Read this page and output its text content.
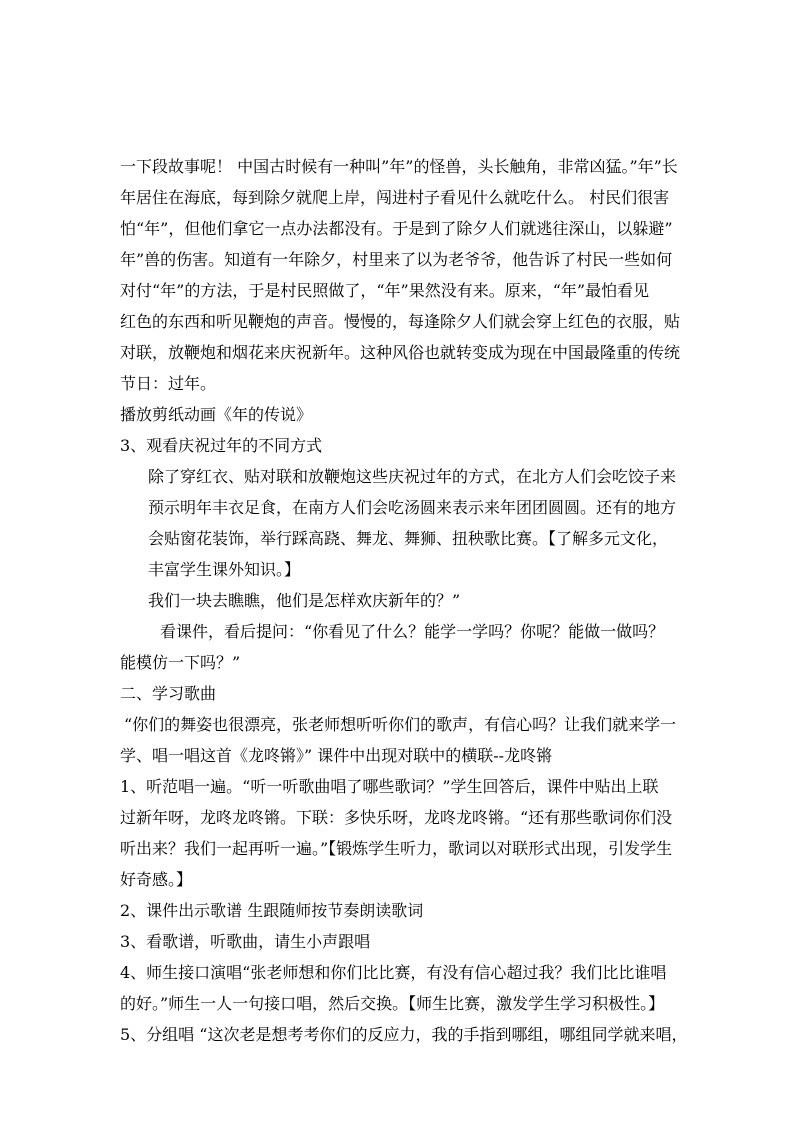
一下段故事呢！ 中国古时候有一种叫”年”的怪兽，头长触角，非常凶猛。”年”长
年居住在海底，每到除夕就爬上岸，闯进村子看见什么就吃什么。 村民们很害
怕“年”，但他们拿它一点办法都没有。于是到了除夕人们就逃往深山，以躲避”
年”兽的伤害。知道有一年除夕，村里来了以为老爷爷，他告诉了村民一些如何
对付“年”的方法，于是村民照做了，“年”果然没有来。原来，“年”最怕看见
红色的东西和听见鞭炮的声音。慢慢的，每逢除夕人们就会穿上红色的衣服，贴
对联，放鞭炮和烟花来庆祝新年。这种风俗也就转变成为现在中国最隆重的传统
节日：过年。
播放剪纸动画《年的传说》
3、观看庆祝过年的不同方式
除了穿红衣、贴对联和放鞭炮这些庆祝过年的方式，在北方人们会吃饺子来
预示明年丰衣足食，在南方人们会吃汤圆来表示来年团团圆圆。还有的地方
会贴窗花装饰，举行踩高跷、舞龙、舞狮、扭秧歌比赛。【了解多元文化，
丰富学生课外知识。】
我们一块去瞧瞧，他们是怎样欢庆新年的？”
看课件，看后提问：“你看见了什么？能学一学吗？你呢？能做一做吗？
能模仿一下吗？”
二、学习歌曲
“你们的舞姿也很漂亮，张老师想听听你们的歌声，有信心吗？让我们就来学一
学、唱一唱这首《龙咚锵》” 课件中出现对联中的横联--龙咚锵
1、听范唱一遍。“听一听歌曲唱了哪些歌词？”学生回答后，课件中贴出上联
过新年呀，龙咚龙咚锵。下联：多快乐呀，龙咚龙咚锵。“还有那些歌词你们没
听出来？我们一起再听一遍。”【锻炼学生听力，歌词以对联形式出现，引发学生
好奇感。】
2、课件出示歌谱 生跟随师按节奏朗读歌词
3、看歌谱，听歌曲，请生小声跟唱
4、师生接口演唱“张老师想和你们比比赛，有没有信心超过我？我们比比谁唱
的好。”师生一人一句接口唱，然后交换。【师生比赛，激发学生学习积极性。】
5、分组唱 “这次老是想考考你们的反应力，我的手指到哪组，哪组同学就来唱，
